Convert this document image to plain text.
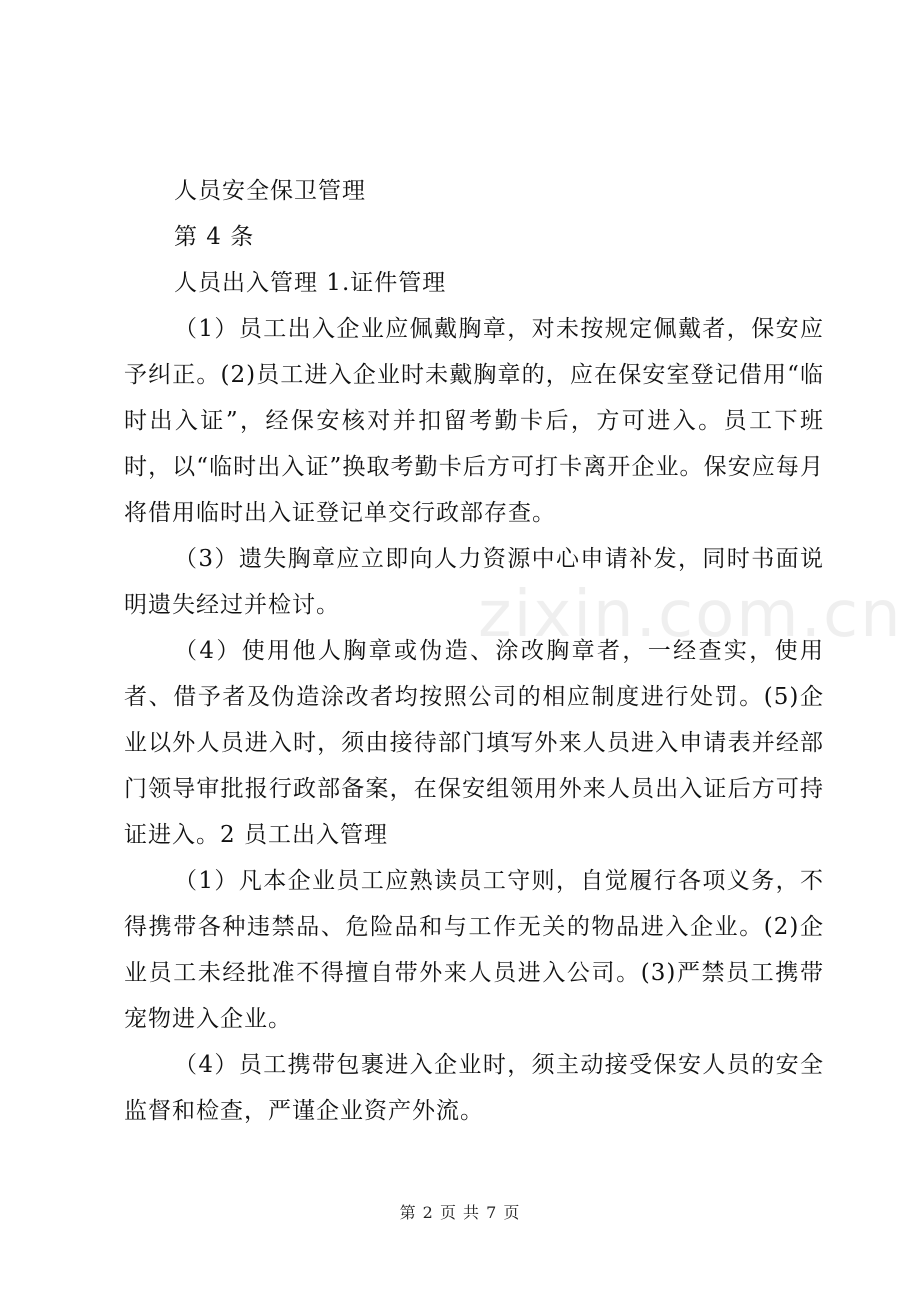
人员安全保卫管理
第 4 条
人员出入管理 1.证件管理

（1）员工出入企业应佩戴胸章，对未按规定佩戴者，保安应予纠正。(2)员工进入企业时未戴胸章的，应在保安室登记借用“临时出入证”，经保安核对并扣留考勤卡后，方可进入。员工下班时，以“临时出入证”换取考勤卡后方可打卡离开企业。保安应每月将借用临时出入证登记单交行政部存查。

（3）遗失胸章应立即向人力资源中心申请补发，同时书面说明遗失经过并检讨。

（4）使用他人胸章或伪造、涂改胸章者，一经查实，使用者、借予者及伪造涂改者均按照公司的相应制度进行处罚。(5)企业以外人员进入时，须由接待部门填写外来人员进入申请表并经部门领导审批报行政部备案，在保安组领用外来人员出入证后方可持证进入。2 员工出入管理

（1）凡本企业员工应熟读员工守则，自觉履行各项义务，不得携带各种违禁品、危险品和与工作无关的物品进入企业。(2)企业员工未经批准不得擅自带外来人员进入公司。(3)严禁员工携带宠物进入企业。

（4）员工携带包裹进入企业时，须主动接受保安人员的安全监督和检查，严谨企业资产外流。

zixin.com.cn
第 2 页 共 7 页
